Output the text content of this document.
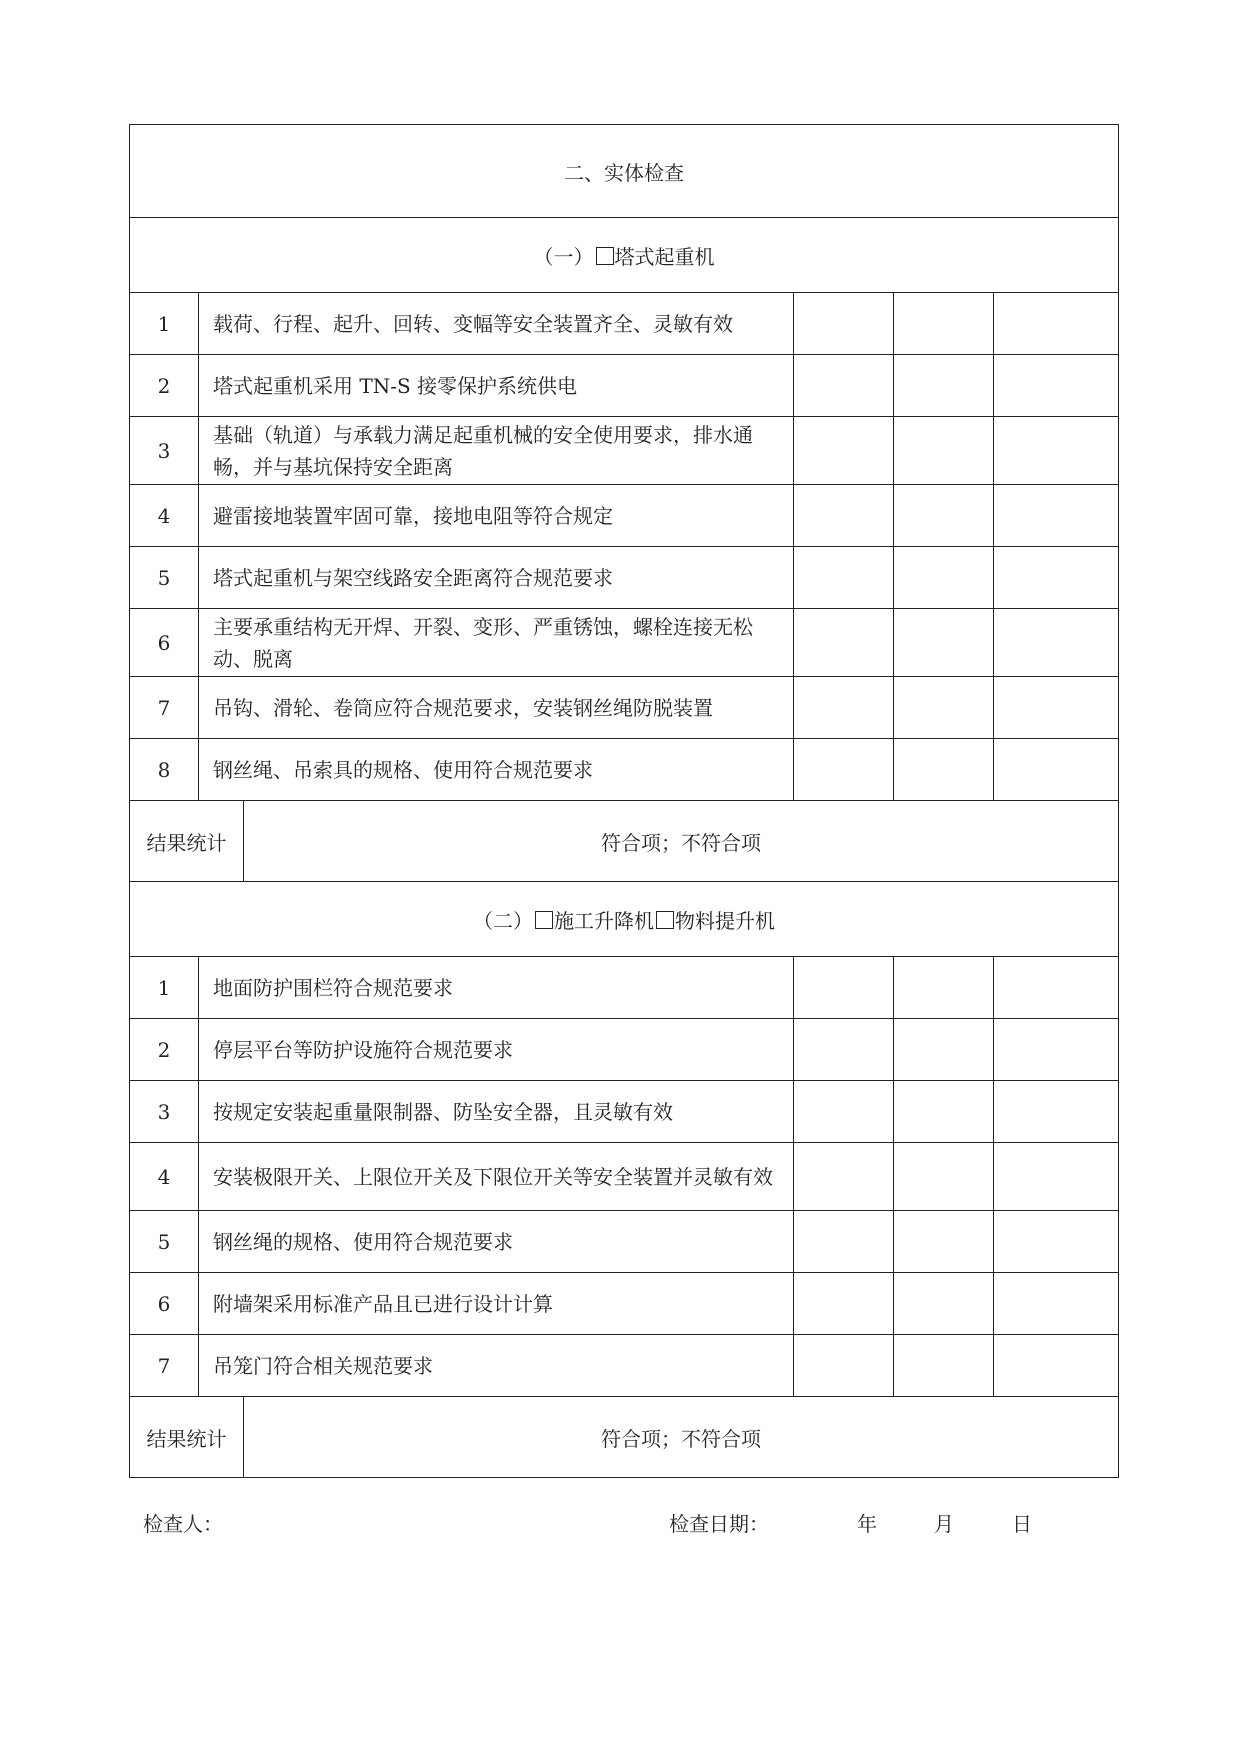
二、实体检查					
（一） 塔式起重机					
1	载荷、行程、起升、回转、变幅等安全装置齐全、灵敏有效				
2	塔式起重机采用 TN-S 接零保护系统供电				
3	基础（轨道）与承载力满足起重机械的安全使用要求，排水通畅，并与基坑保持安全距离				
4	避雷接地装置牢固可靠，接地电阻等符合规定				
5	塔式起重机与架空线路安全距离符合规范要求				
6	主要承重结构无开焊、开裂、变形、严重锈蚀，螺栓连接无松动、脱离				
7	吊钩、滑轮、卷筒应符合规范要求，安装钢丝绳防脱装置				
8	钢丝绳、吊索具的规格、使用符合规范要求				
结果统计		符合项；不符合项			
（二） 施工升降机 物料提升机					
1	地面防护围栏符合规范要求				
2	停层平台等防护设施符合规范要求				
3	按规定安装起重量限制器、防坠安全器，且灵敏有效				
4	安装极限开关、上限位开关及下限位开关等安全装置并灵敏有效				
5	钢丝绳的规格、使用符合规范要求				
6	附墙架采用标准产品且已进行设计计算				
7	吊笼门符合相关规范要求				
结果统计		符合项；不符合项			
检查人：	检查日期：	年	月	日
